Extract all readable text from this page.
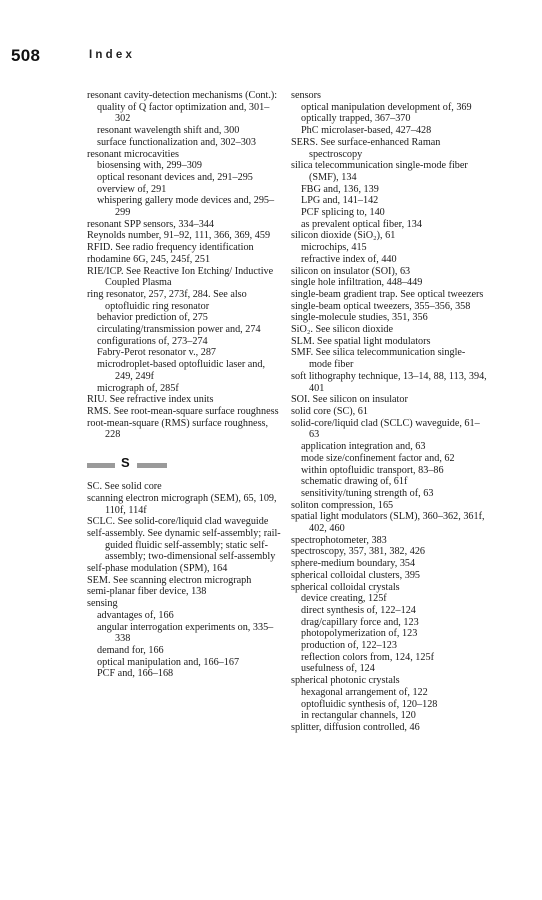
508	Index
resonant cavity-detection mechanisms (Cont.):
quality of Q factor optimization and, 301–302
resonant wavelength shift and, 300
surface functionalization and, 302–303
resonant microcavities
biosensing with, 299–309
optical resonant devices and, 291–295
overview of, 291
whispering gallery mode devices and, 295–299
resonant SPP sensors, 334–344
Reynolds number, 91–92, 111, 366, 369, 459
RFID. See radio frequency identification
rhodamine 6G, 245, 245f, 251
RIE/ICP. See Reactive Ion Etching/ Inductive Coupled Plasma
ring resonator, 257, 273f, 284. See also optofluidic ring resonator
behavior prediction of, 275
circulating/transmission power and, 274
configurations of, 273–274
Fabry-Perot resonator v., 287
microdroplet-based optofluidic laser and, 249, 249f
micrograph of, 285f
RIU. See refractive index units
RMS. See root-mean-square surface roughness
root-mean-square (RMS) surface roughness, 228
S
SC. See solid core
scanning electron micrograph (SEM), 65, 109, 110f, 114f
SCLC. See solid-core/liquid clad waveguide
self-assembly. See dynamic self-assembly; rail-guided fluidic self-assembly; static self-assembly; two-dimensional self-assembly
self-phase modulation (SPM), 164
SEM. See scanning electron micrograph
semi-planar fiber device, 138
sensing
advantages of, 166
angular interrogation experiments on, 335–338
demand for, 166
optical manipulation and, 166–167
PCF and, 166–168
sensors
optical manipulation development of, 369
optically trapped, 367–370
PhC microlaser-based, 427–428
SERS. See surface-enhanced Raman spectroscopy
silica telecommunication single-mode fiber (SMF), 134
FBG and, 136, 139
LPG and, 141–142
PCF splicing to, 140
as prevalent optical fiber, 134
silicon dioxide (SiO₂), 61
microchips, 415
refractive index of, 440
silicon on insulator (SOI), 63
single hole infiltration, 448–449
single-beam gradient trap. See optical tweezers
single-beam optical tweezers, 355–356, 358
single-molecule studies, 351, 356
SiO₂. See silicon dioxide
SLM. See spatial light modulators
SMF. See silica telecommunication single-mode fiber
soft lithography technique, 13–14, 88, 113, 394, 401
SOI. See silicon on insulator
solid core (SC), 61
solid-core/liquid clad (SCLC) waveguide, 61–63
application integration and, 63
mode size/confinement factor and, 62
within optofluidic transport, 83–86
schematic drawing of, 61f
sensitivity/tuning strength of, 63
soliton compression, 165
spatial light modulators (SLM), 360–362, 361f, 402, 460
spectrophotometer, 383
spectroscopy, 357, 381, 382, 426
sphere-medium boundary, 354
spherical colloidal clusters, 395
spherical colloidal crystals
device creating, 125f
direct synthesis of, 122–124
drag/capillary force and, 123
photopolymerization of, 123
production of, 122–123
reflection colors from, 124, 125f
usefulness of, 124
spherical photonic crystals
hexagonal arrangement of, 122
optofluidic synthesis of, 120–128
in rectangular channels, 120
splitter, diffusion controlled, 46
